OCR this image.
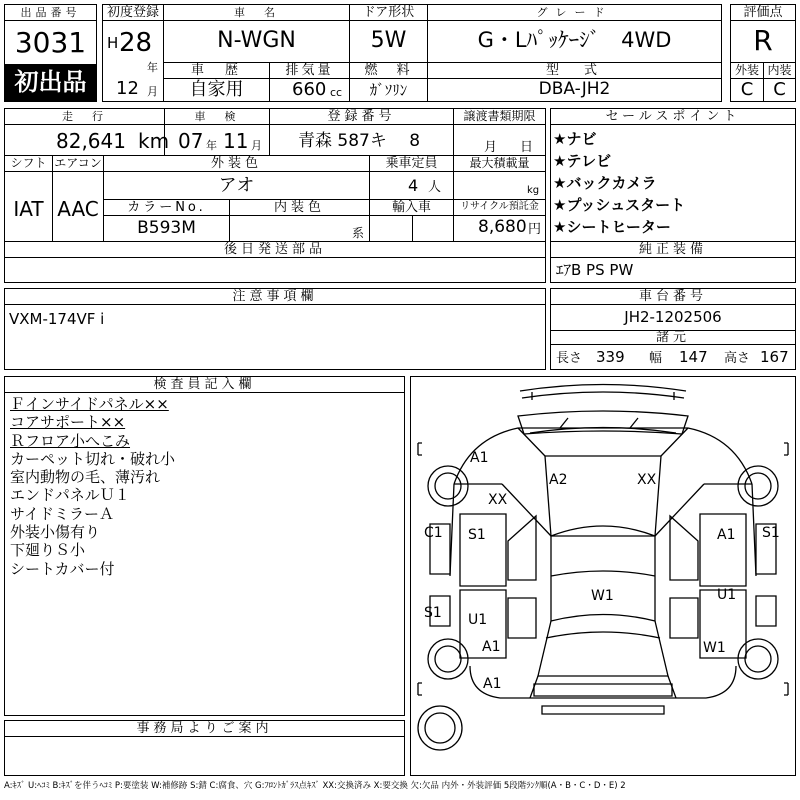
出品番号
3031
初出品
初度登録
H 28
年
12 月
車　名
N-WGN
ドア形状
5W
グレード
G・Lﾊﾟｯｹｰｼﾞ　4WD
評価点
R
車　歴
自家用
排気量
660 cc
燃　料
ｶﾞｿﾘﾝ
型　式
DBA-JH2
外装 内装
C	C
走　行
82,641 km
車　検
07 年 11 月
登録番号
青森 587キ　 8
譲渡書類期限
月 日
シフト
IAT
エアコン
AAC
外装色
アオ
乗車定員
4 人
最大積載量
kg
カラーNo.
B593M
内装色
系
輸入車	リサイクル預託金
8,680 円
後日発送部品
セールスポイント
★ナビ
★テレビ
★バックカメラ
★プッシュスタート
★シートヒーター
純正装備
ｴｱB PS PW
注意事項欄
VXM-174VF i
車台番号
JH2-1202506
諸元
長さ 339 幅 147 高さ 167
検査員記入欄
Ｆインサイドパネル××
コアサポート××
Ｒフロア小へこみ
カーペット切れ・破れ小
室内動物の毛、薄汚れ
エンドパネルＵ１
サイドミラーＡ
外装小傷有り
下廻りＳ小
シートカバー付
事務局よりご案内
A1
XX
A2	XX
C1 S1	S1
A1
S1
W1
U1
U1
A1	W1
A1
A:ｷｽﾞ U:ﾍｺﾐ B:ｷｽﾞを伴うﾍｺﾐ P:要塗装 W:補修跡 S:錆 C:腐食、穴 G:ﾌﾛﾝﾄｶﾞﾗｽ点ｷｽﾞ XX:交換済み X:要交換 欠:欠品 内外・外装評価 5段階ﾗﾝｸ順(A・B・C・D・E) 2
